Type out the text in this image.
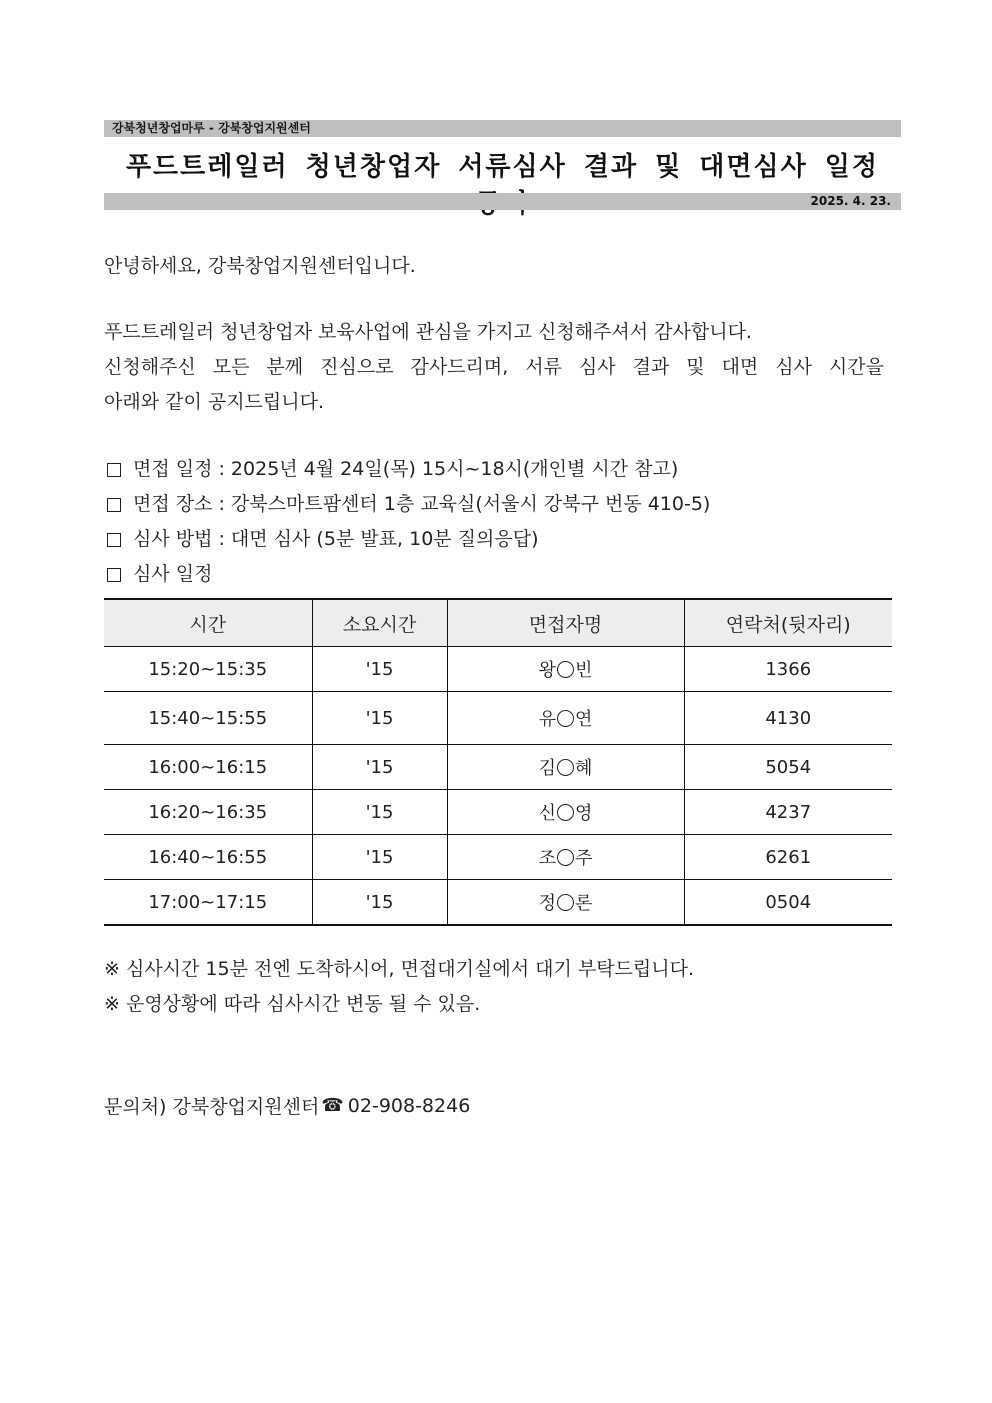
강북청년창업마루 - 강북창업지원센터
푸드트레일러 청년창업자 서류심사 결과 및 대면심사 일정
2025. 4. 23.
안녕하세요, 강북창업지원센터입니다.
푸드트레일러 청년창업자 보육사업에 관심을 가지고 신청해주셔서 감사합니다.
신청해주신 모든 분께 진심으로 감사드리며, 서류 심사 결과 및 대면 심사 시간을
아래와 같이 공지드립니다.
면접 일정 : 2025년 4월 24일(목) 15시~18시(개인별 시간 참고)
면접 장소 : 강북스마트팜센터 1층 교육실(서울시 강북구 번동 410-5)
심사 방법 : 대면 심사 (5분 발표, 10분 질의응답)
심사 일정
시간	소요시간	면접자명	연락처(뒷자리)
15:20~15:35	'15	왕 빈	1366
15:40~15:55	'15	유 연	4130
16:00~16:15	'15	김 혜	5054
16:20~16:35	'15	신 영	4237
16:40~16:55	'15	조 주	6261
17:00~17:15	'15	정 론	0504
※ 심사시간 15분 전엔 도착하시어, 면접대기실에서 대기 부탁드립니다.
※ 운영상황에 따라 심사시간 변동 될 수 있음.
문의처) 강북창업지원센터 ☎ 02-908-8246
